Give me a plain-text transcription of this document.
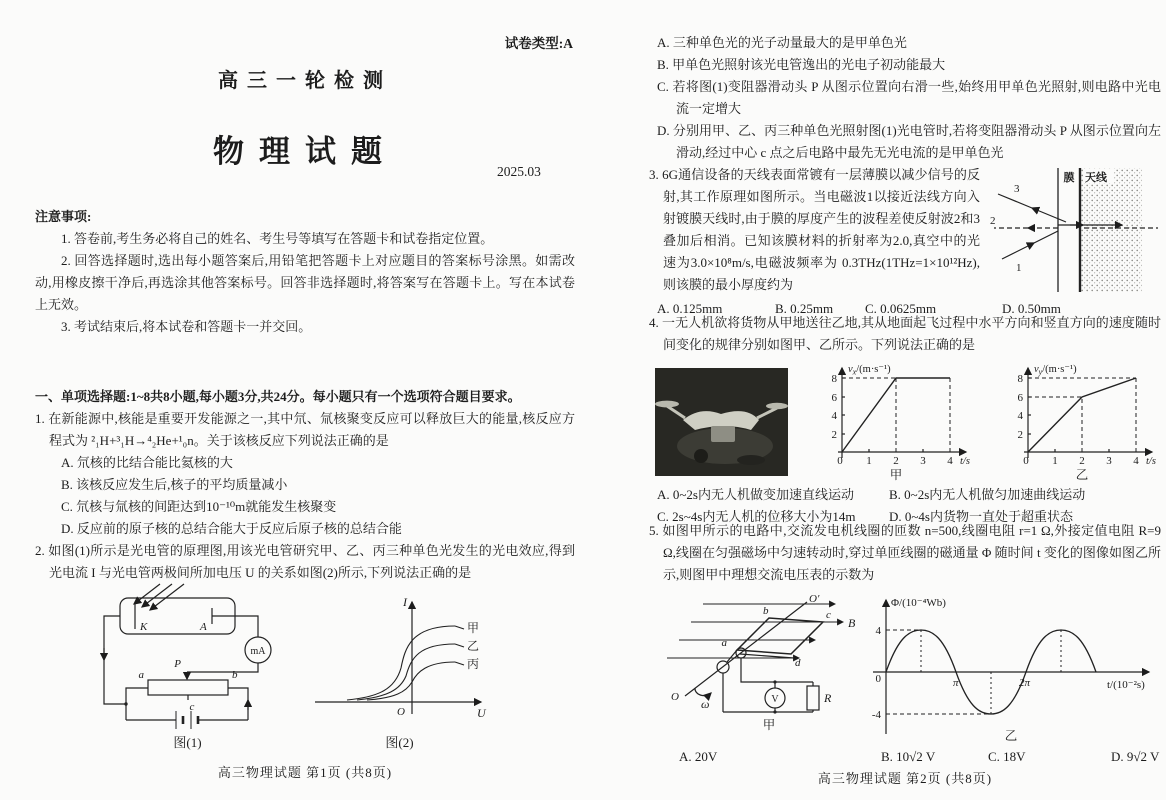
试卷类型:A
高三一轮检测
物理试题
2025.03
注意事项:

1. 答卷前,考生务必将自己的姓名、考生号等填写在答题卡和试卷指定位置。

2. 回答选择题时,选出每小题答案后,用铅笔把答题卡上对应题目的答案标号涂黑。如需改动,用橡皮擦干净后,再选涂其他答案标号。回答非选择题时,将答案写在答题卡上。写在本试卷上无效。

3. 考试结束后,将本试卷和答题卡一并交回。

一、单项选择题:1~8共8小题,每小题3分,共24分。每小题只有一个选项符合题目要求。

1. 在新能源中,核能是重要开发能源之一,其中氘、氚核聚变反应可以释放巨大的能量,核反应方程式为 ²₁H+³₁H→⁴₂He+¹₀n。关于该核反应下列说法正确的是

A. 氘核的比结合能比氦核的大

B. 该核反应发生后,核子的平均质量减小

C. 氘核与氚核的间距达到10⁻¹⁰m就能发生核聚变

D. 反应前的原子核的总结合能大于反应后原子核的总结合能

2. 如图(1)所示是光电管的原理图,用该光电管研究甲、乙、丙三种单色光发生的光电效应,得到光电流 I 与光电管两极间所加电压 U 的关系如图(2)所示,下列说法正确的是

K	A
mA
P
a	b
c
图(1)
I
U
O
甲
乙
丙
图(2)
高三物理试题 第1页 (共8页)

A. 三种单色光的光子动量最大的是甲单色光

B. 甲单色光照射该光电管逸出的光电子初动能最大

C. 若将图(1)变阻器滑动头 P 从图示位置向右滑一些,始终用甲单色光照射,则电路中光电流一定增大

D. 分别用甲、乙、丙三种单色光照射图(1)光电管时,若将变阻器滑动头 P 从图示位置向左滑动,经过中心 c 点之后电路中最先无光电流的是甲单色光

膜 天线
3
2
1

3. 6G通信设备的天线表面常镀有一层薄膜以减少信号的反射,其工作原理如图所示。当电磁波1以接近法线方向入射镀膜天线时,由于膜的厚度产生的波程差使反射波2和3叠加后相消。已知该膜材料的折射率为2.0,真空中的光速为3.0×10⁸m/s,电磁波频率为 0.3THz(1THz=1×10¹²Hz),则该膜的最小厚度约为

A. 0.125mm	B. 0.25mm	C. 0.0625mm	D. 0.50mm

4. 一无人机欲将货物从甲地送往乙地,其从地面起飞过程中水平方向和竖直方向的速度随时间变化的规律分别如图甲、乙所示。下列说法正确的是

$v_x/(m\cdot s^{-1})$
8
6
4
2
0 1 2 3 4 t/s
甲
$v_y/(m\cdot s^{-1})$
8
6
4
2
0 1 2 3 4 t/s
乙
A. 0~2s内无人机做变加速直线运动	B. 0~2s内无人机做匀加速曲线运动
C. 2s~4s内无人机的位移大小为14m	D. 0~4s内货物一直处于超重状态

5. 如图甲所示的电路中,交流发电机线圈的匝数 n=500,线圈电阻 r=1 Ω,外接定值电阻 R=9 Ω,线圈在匀强磁场中匀速转动时,穿过单匝线圈的磁通量 Φ 随时间 t 变化的图像如图乙所示,则图甲中理想交流电压表的示数为

O′
b	c
B
a
d
O ω	V	R
甲
Φ/(10⁻⁴Wb)
4
0
-4
π	2π	t/(10⁻²s)
乙
A. 20V	B. 10√2 V	C. 18V	D. 9√2 V
高三物理试题 第2页 (共8页)
